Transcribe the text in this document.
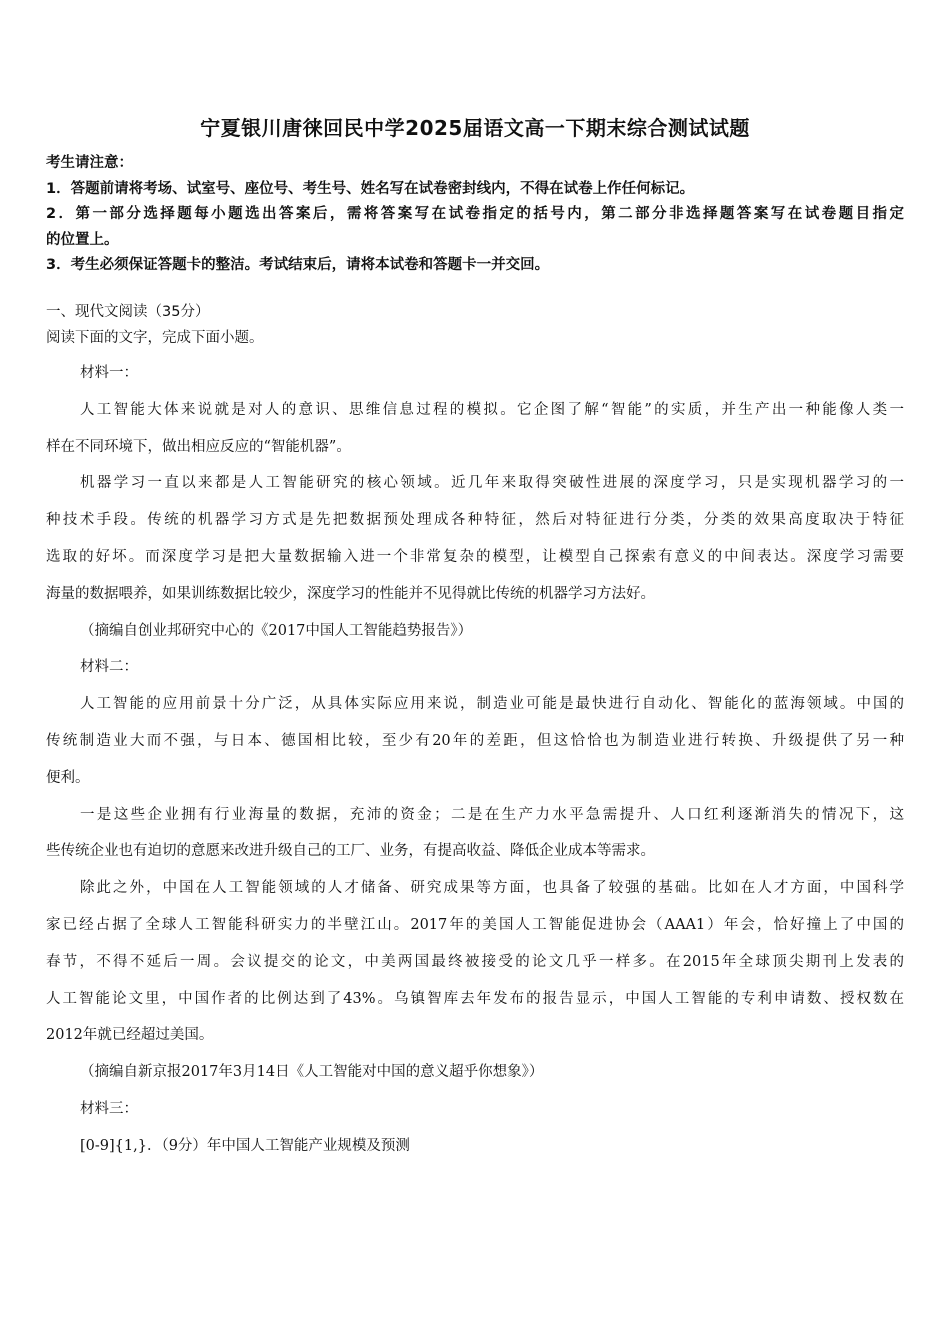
宁夏银川唐徕回民中学2025届语文高一下期末综合测试试题
考生请注意：
1．答题前请将考场、试室号、座位号、考生号、姓名写在试卷密封线内，不得在试卷上作任何标记。
2．第一部分选择题每小题选出答案后，需将答案写在试卷指定的括号内，第二部分非选择题答案写在试卷题目指定
的位置上。
3．考生必须保证答题卡的整洁。考试结束后，请将本试卷和答题卡一并交回。
一、现代文阅读（35分）
阅读下面的文字，完成下面小题。
材料一：
人工智能大体来说就是对人的意识、思维信息过程的模拟。它企图了解“智能”的实质，并生产出一种能像人类一
样在不同环境下，做出相应反应的“智能机器”。
机器学习一直以来都是人工智能研究的核心领域。近几年来取得突破性进展的深度学习，只是实现机器学习的一
种技术手段。传统的机器学习方式是先把数据预处理成各种特征，然后对特征进行分类，分类的效果高度取决于特征
选取的好坏。而深度学习是把大量数据输入进一个非常复杂的模型，让模型自己探索有意义的中间表达。深度学习需要
海量的数据喂养，如果训练数据比较少，深度学习的性能并不见得就比传统的机器学习方法好。
（摘编自创业邦研究中心的《2017中国人工智能趋势报告》）
材料二：
人工智能的应用前景十分广泛，从具体实际应用来说，制造业可能是最快进行自动化、智能化的蓝海领域。中国的
传统制造业大而不强，与日本、德国相比较，至少有20年的差距，但这恰恰也为制造业进行转换、升级提供了另一种
便利。
一是这些企业拥有行业海量的数据，充沛的资金；二是在生产力水平急需提升、人口红利逐渐消失的情况下，这
些传统企业也有迫切的意愿来改进升级自己的工厂、业务，有提高收益、降低企业成本等需求。
除此之外，中国在人工智能领域的人才储备、研究成果等方面，也具备了较强的基础。比如在人才方面，中国科学
家已经占据了全球人工智能科研实力的半壁江山。2017年的美国人工智能促进协会（AAA1）年会，恰好撞上了中国的
春节，不得不延后一周。会议提交的论文，中美两国最终被接受的论文几乎一样多。在2015年全球顶尖期刊上发表的
人工智能论文里，中国作者的比例达到了43%。乌镇智库去年发布的报告显示，中国人工智能的专利申请数、授权数在
2012年就已经超过美国。
（摘编自新京报2017年3月14日《人工智能对中国的意义超乎你想象》）
材料三：
[0-9]{1,}．（9分）年中国人工智能产业规模及预测
